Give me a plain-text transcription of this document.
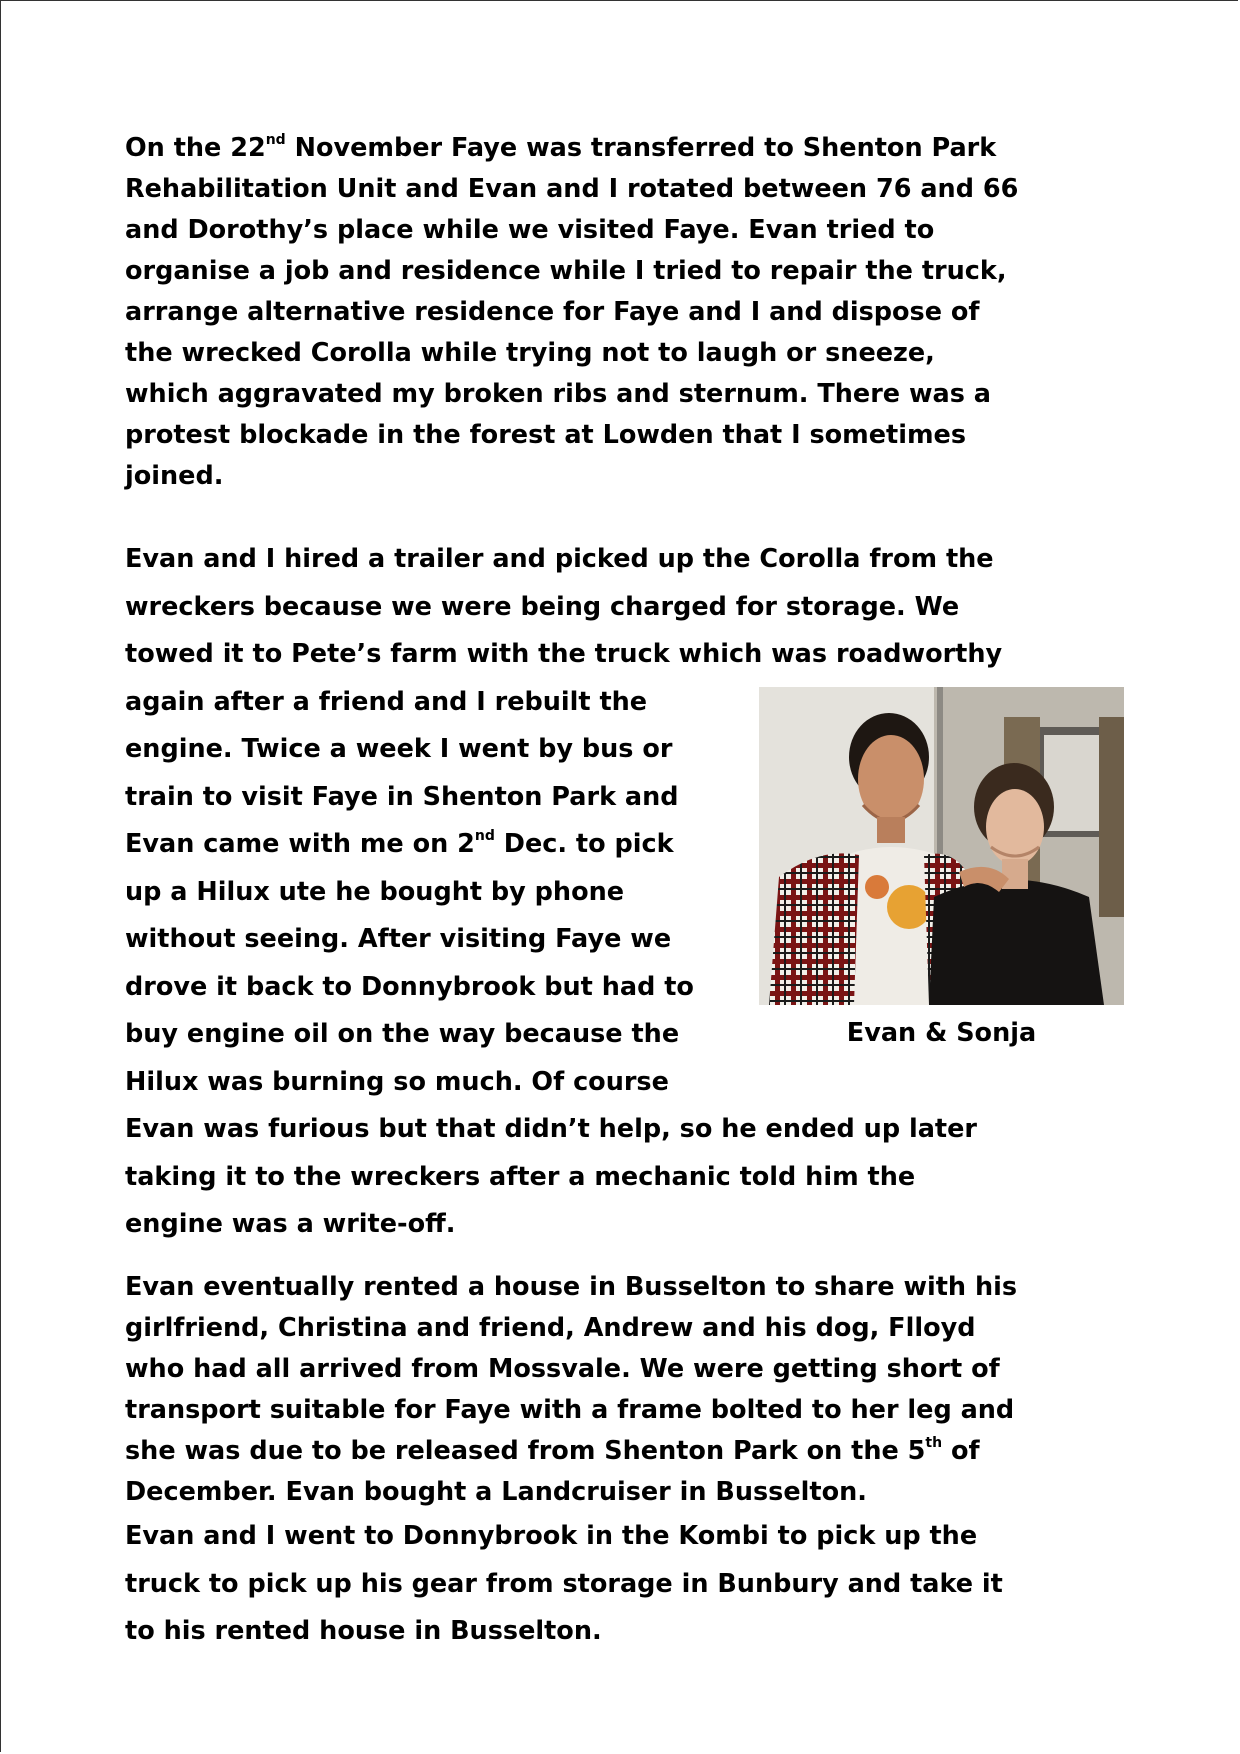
On the 22nd November Faye was transferred to Shenton Park
Rehabilitation Unit and Evan and I rotated between 76 and 66
and Dorothy’s place while we visited Faye. Evan tried to
organise a job and residence while I tried to repair the truck,
arrange alternative residence for Faye and I and dispose of
the wrecked Corolla while trying not to laugh or sneeze,
which aggravated my broken ribs and sternum. There was a
protest blockade in the forest at Lowden that I sometimes
joined.

Evan and I hired a trailer and picked up the Corolla from the
wreckers because we were being charged for storage. We
towed it to Pete’s farm with the truck which was roadworthy
again after a friend and I rebuilt the
engine. Twice a week I went by bus or
train to visit Faye in Shenton Park and
Evan came with me on 2nd Dec. to pick
up a Hilux ute he bought by phone
without seeing. After visiting Faye we
drove it back to Donnybrook but had to
buy engine oil on the way because the
Hilux was burning so much. Of course
Evan was furious but that didn’t help, so he ended up later
taking it to the wreckers after a mechanic told him the
engine was a write-off.

Evan & Sonja

Evan eventually rented a house in Busselton to share with his
girlfriend, Christina and friend, Andrew and his dog, Flloyd
who had all arrived from Mossvale. We were getting short of
transport suitable for Faye with a frame bolted to her leg and
she was due to be released from Shenton Park on the 5th of
December. Evan bought a Landcruiser in Busselton.

Evan and I went to Donnybrook in the Kombi to pick up the
truck to pick up his gear from storage in Bunbury and take it
to his rented house in Busselton.
